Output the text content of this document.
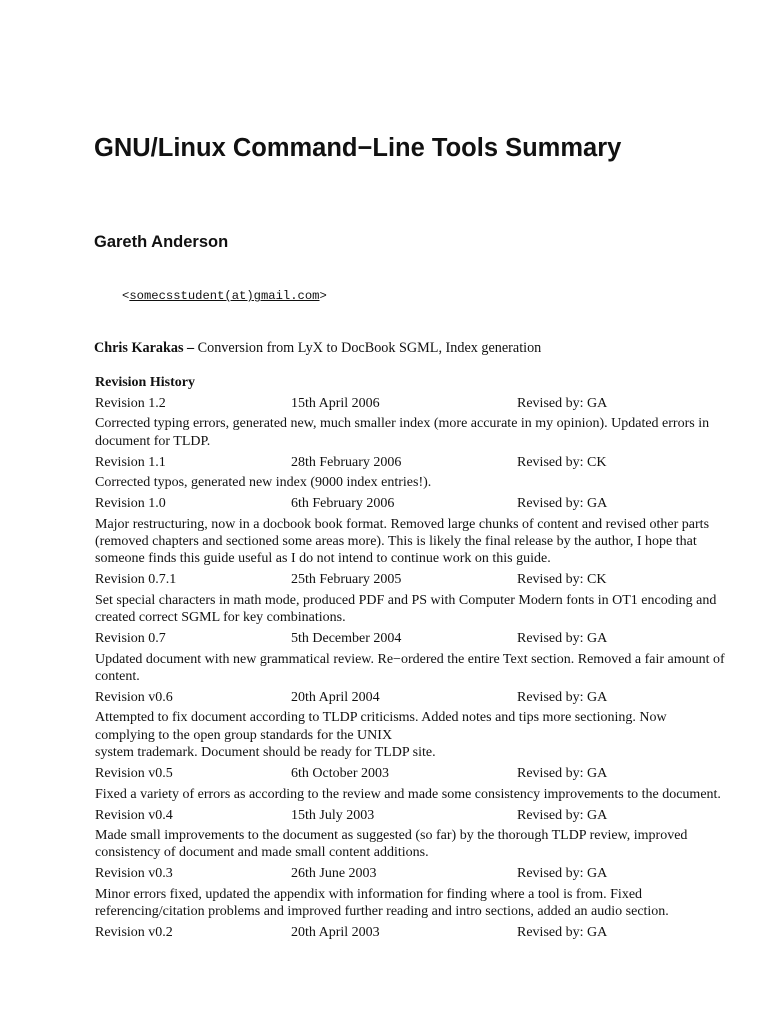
GNU/Linux Command−Line Tools Summary
Gareth Anderson
<somecsstudent(at)gmail.com>
Chris Karakas – Conversion from LyX to DocBook SGML, Index generation
Revision History
Revision 1.2	15th April 2006	Revised by: GA
Corrected typing errors, generated new, much smaller index (more accurate in my opinion). Updated errors in document for TLDP.
Revision 1.1	28th February 2006	Revised by: CK
Corrected typos, generated new index (9000 index entries!).
Revision 1.0	6th February 2006	Revised by: GA
Major restructuring, now in a docbook book format. Removed large chunks of content and revised other parts (removed chapters and sectioned some areas more). This is likely the final release by the author, I hope that someone finds this guide useful as I do not intend to continue work on this guide.
Revision 0.7.1	25th February 2005	Revised by: CK
Set special characters in math mode, produced PDF and PS with Computer Modern fonts in OT1 encoding and created correct SGML for key combinations.
Revision 0.7	5th December 2004	Revised by: GA
Updated document with new grammatical review. Re−ordered the entire Text section. Removed a fair amount of content.
Revision v0.6	20th April 2004	Revised by: GA
Attempted to fix document according to TLDP criticisms. Added notes and tips more sectioning. Now complying to the open group standards for the UNIX
system trademark. Document should be ready for TLDP site.
Revision v0.5	6th October 2003	Revised by: GA
Fixed a variety of errors as according to the review and made some consistency improvements to the document.
Revision v0.4	15th July 2003	Revised by: GA
Made small improvements to the document as suggested (so far) by the thorough TLDP review, improved consistency of document and made small content additions.
Revision v0.3	26th June 2003	Revised by: GA
Minor errors fixed, updated the appendix with information for finding where a tool is from. Fixed referencing/citation problems and improved further reading and intro sections, added an audio section.
Revision v0.2	20th April 2003	Revised by: GA
